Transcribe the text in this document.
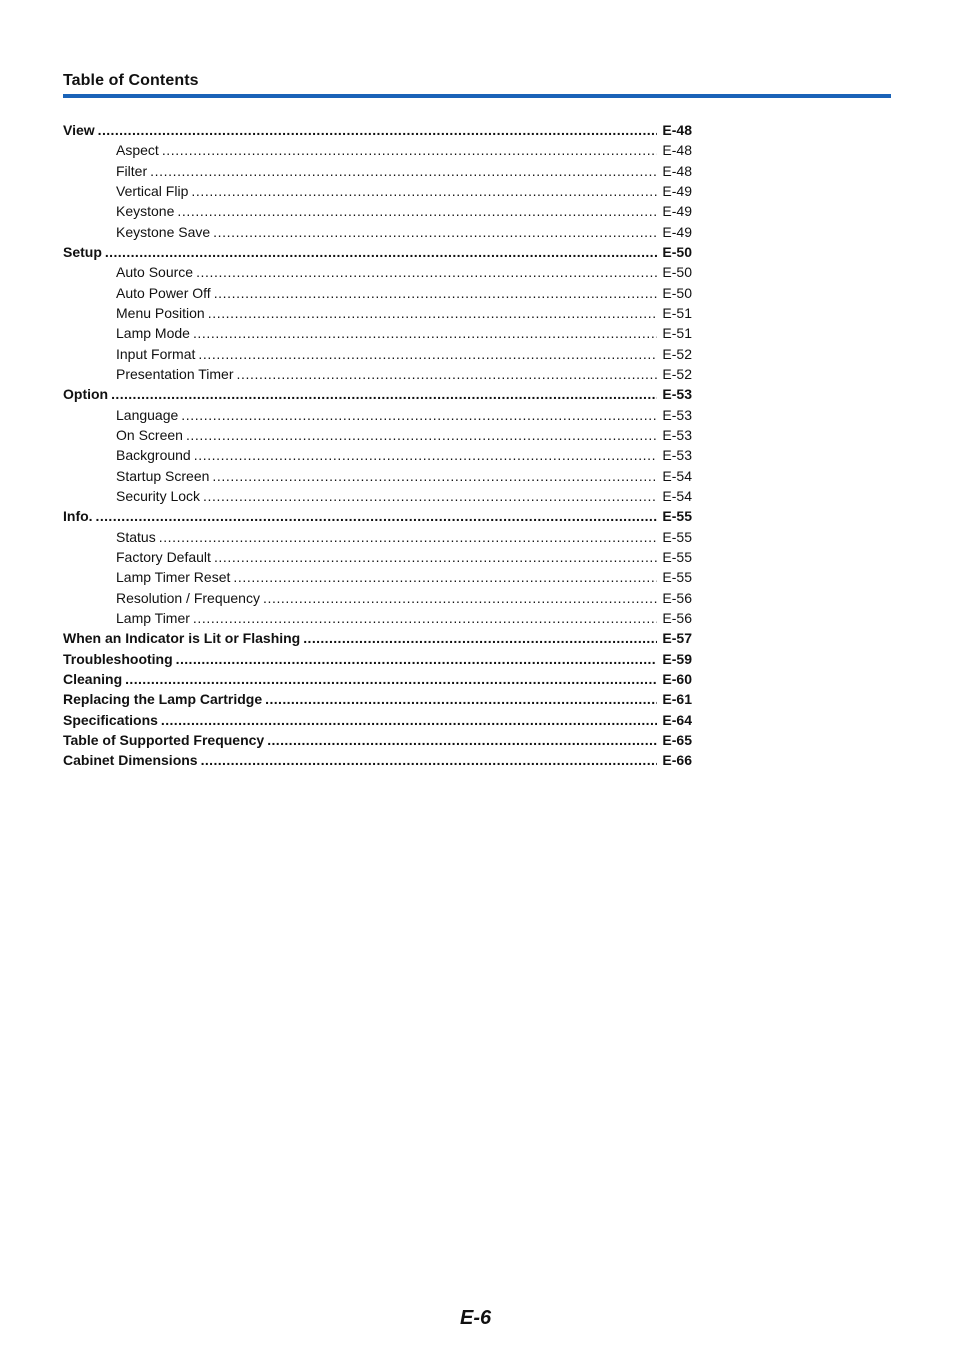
Table of Contents
View .....	E-48
Aspect .....	E-48
Filter .....	E-48
Vertical Flip .....	E-49
Keystone .....	E-49
Keystone Save .....	E-49
Setup .....	E-50
Auto Source .....	E-50
Auto Power Off .....	E-50
Menu Position .....	E-51
Lamp Mode .....	E-51
Input Format .....	E-52
Presentation Timer .....	E-52
Option .....	E-53
Language .....	E-53
On Screen .....	E-53
Background .....	E-53
Startup Screen .....	E-54
Security Lock .....	E-54
Info. .....	E-55
Status .....	E-55
Factory Default .....	E-55
Lamp Timer Reset .....	E-55
Resolution / Frequency .....	E-56
Lamp Timer .....	E-56
When an Indicator is Lit or Flashing .....	E-57
Troubleshooting .....	E-59
Cleaning .....	E-60
Replacing the Lamp Cartridge .....	E-61
Specifications .....	E-64
Table of Supported Frequency .....	E-65
Cabinet Dimensions .....	E-66
E-6
